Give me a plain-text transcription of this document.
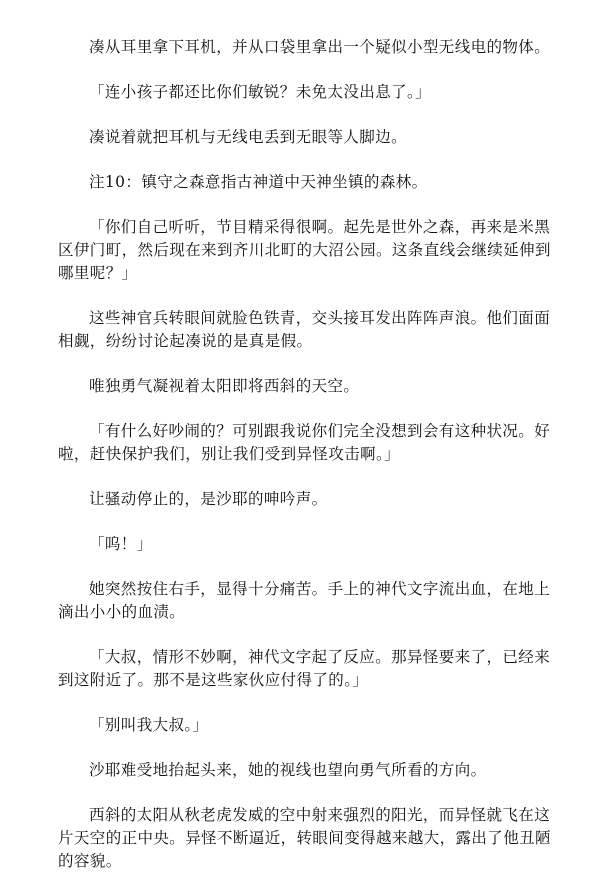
凑从耳里拿下耳机，并从口袋里拿出一个疑似小型无线电的物体。

「连小孩子都还比你们敏锐？未免太没出息了。」

凑说着就把耳机与无线电丢到无眼等人脚边。

注10：镇守之森意指古神道中天神坐镇的森林。

「你们自己听听，节目精采得很啊。起先是世外之森，再来是米黑区伊门町，然后现在来到齐川北町的大沼公园。这条直线会继续延伸到哪里呢？」

这些神官兵转眼间就脸色铁青，交头接耳发出阵阵声浪。他们面面相觑，纷纷讨论起凑说的是真是假。

唯独勇气凝视着太阳即将西斜的天空。

「有什么好吵闹的？可别跟我说你们完全没想到会有这种状况。好啦，赶快保护我们，别让我们受到异怪攻击啊。」

让骚动停止的，是沙耶的呻吟声。

「呜！」

她突然按住右手，显得十分痛苦。手上的神代文字流出血，在地上滴出小小的血渍。

「大叔，情形不妙啊，神代文字起了反应。那异怪要来了，已经来到这附近了。那不是这些家伙应付得了的。」

「别叫我大叔。」

沙耶难受地抬起头来，她的视线也望向勇气所看的方向。

西斜的太阳从秋老虎发威的空中射来强烈的阳光，而异怪就飞在这片天空的正中央。异怪不断逼近，转眼间变得越来越大，露出了他丑陋的容貌。
